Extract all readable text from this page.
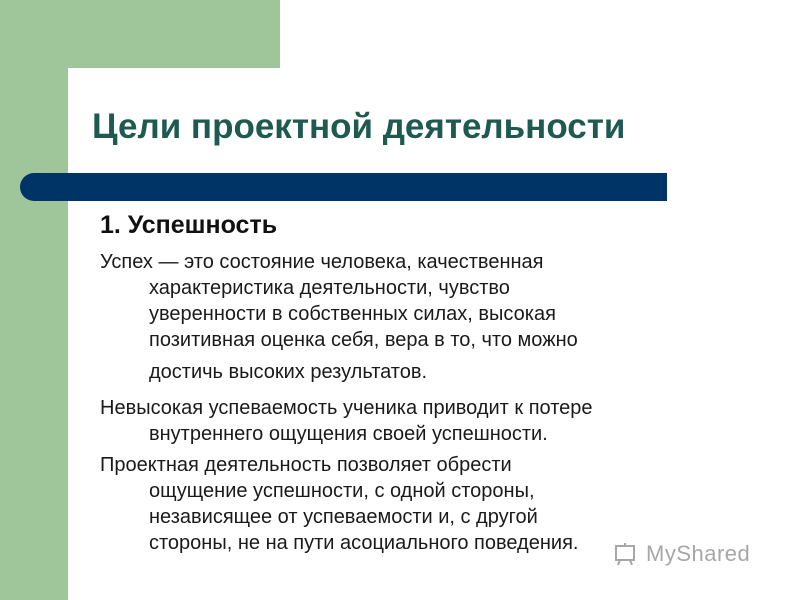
Цели проектной деятельности
1. Успешность
Успех — это состояние человека, качественная
характеристика деятельности, чувство
уверенности в собственных силах, высокая
позитивная оценка себя, вера в то, что можно
достичь высоких результатов.
Невысокая успеваемость ученика приводит к потере
внутреннего ощущения своей успешности.
Проектная деятельность позволяет обрести
ощущение успешности, с одной стороны,
независящее от успеваемости и, с другой
стороны, не на пути асоциального поведения.	MyShared
